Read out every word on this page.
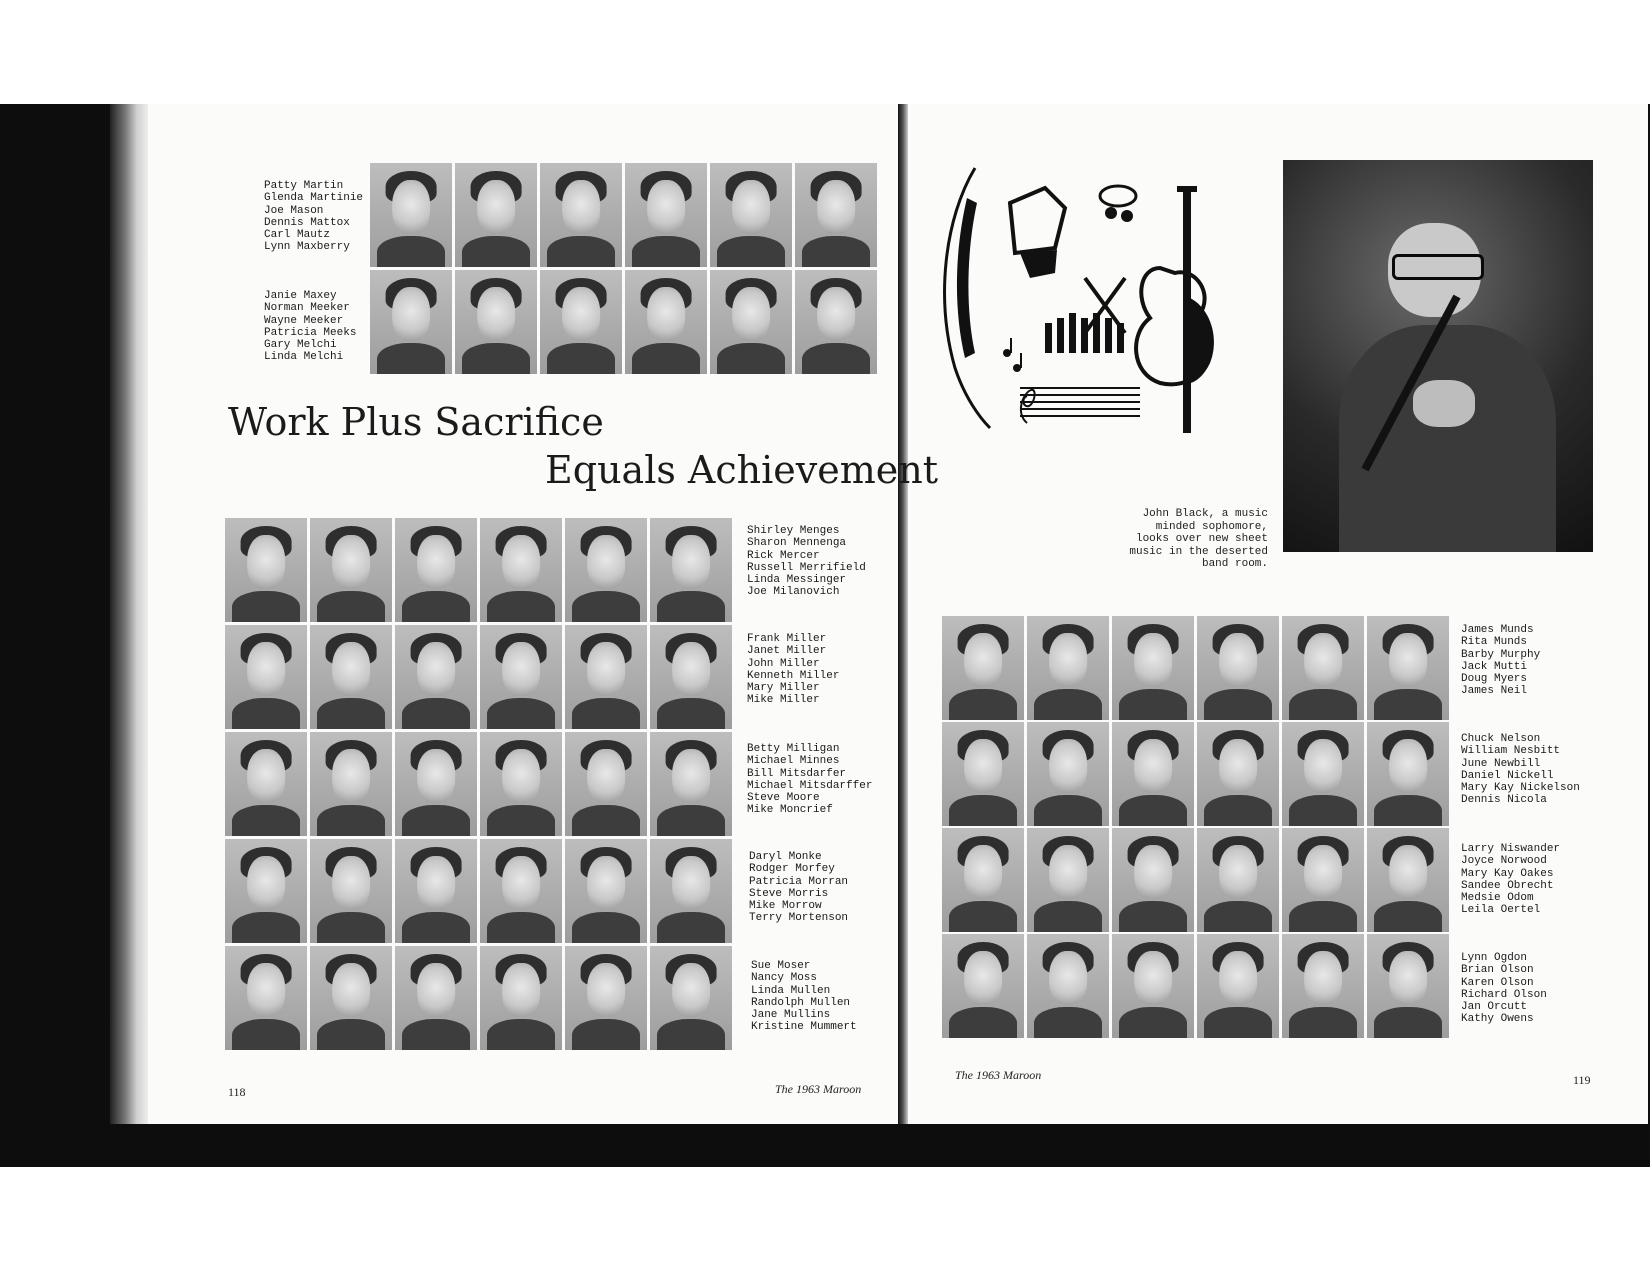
Patty Martin
Glenda Martinie
Joe Mason
Dennis Mattox
Carl Mautz
Lynn Maxberry
Janie Maxey
Norman Meeker
Wayne Meeker
Patricia Meeks
Gary Melchi
Linda Melchi
Work Plus Sacrifice
Equals Achievement
Shirley Menges
Sharon Mennenga
Rick Mercer
Russell Merrifield
Linda Messinger
Joe Milanovich
Frank Miller
Janet Miller
John Miller
Kenneth Miller
Mary Miller
Mike Miller
Betty Milligan
Michael Minnes
Bill Mitsdarfer
Michael Mitsdarffer
Steve Moore
Mike Moncrief
Daryl Monke
Rodger Morfey
Patricia Morran
Steve Morris
Mike Morrow
Terry Mortenson
Sue Moser
Nancy Moss
Linda Mullen
Randolph Mullen
Jane Mullins
Kristine Mummert

118	The 1963 Maroon

John Black, a music minded sophomore, looks over new sheet music in the deserted band room.

James Munds
Rita Munds
Barby Murphy
Jack Mutti
Doug Myers
James Neil
Chuck Nelson
William Nesbitt
June Newbill
Daniel Nickell
Mary Kay Nickelson
Dennis Nicola
Larry Niswander
Joyce Norwood
Mary Kay Oakes
Sandee Obrecht
Medsie Odom
Leila Oertel
Lynn Ogdon
Brian Olson
Karen Olson
Richard Olson
Jan Orcutt
Kathy Owens

The 1963 Maroon	119
